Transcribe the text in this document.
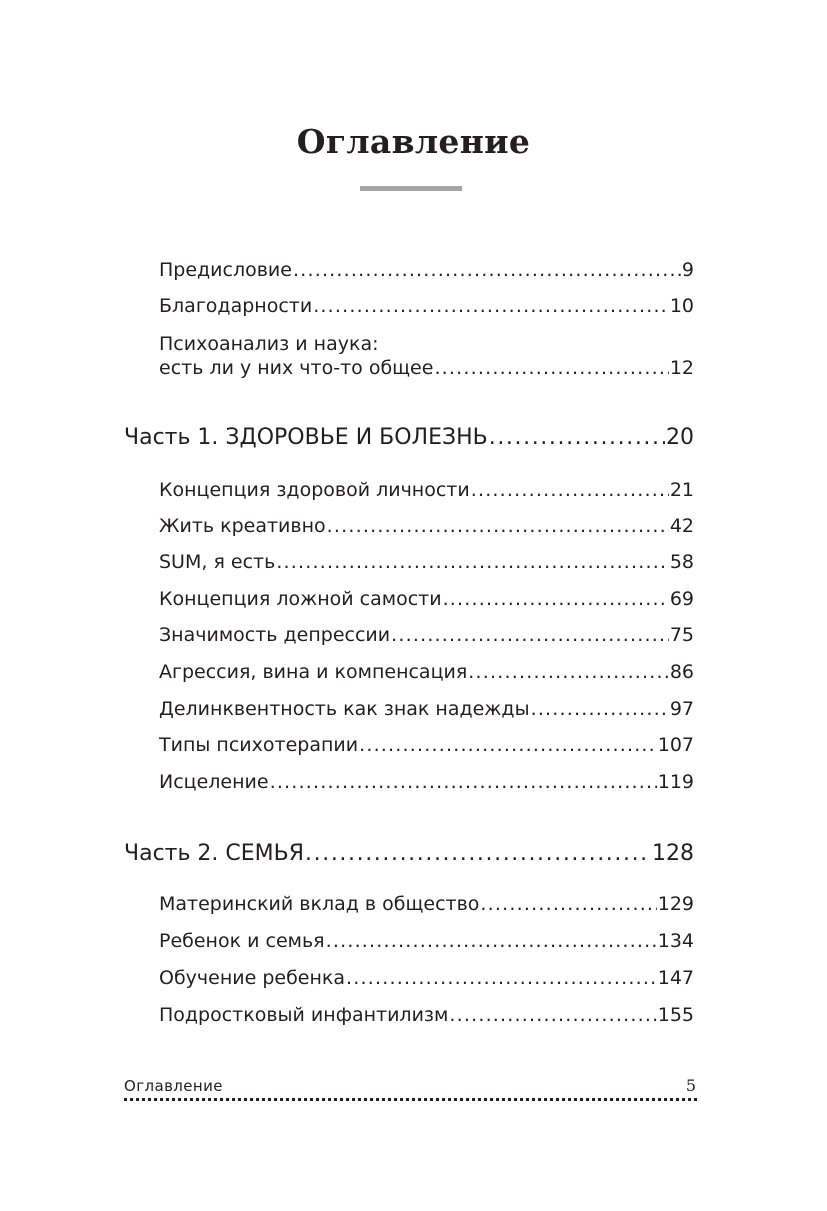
Оглавление
Предисловие .....	9
Благодарности .....	10
Психоанализ и наука:
есть ли у них что-то общее .....	12
Часть 1. ЗДОРОВЬЕ И БОЛЕЗНЬ .....	20
Концепция здоровой личности .....	21
Жить креативно .....	42
SUM, я есть .....	58
Концепция ложной самости .....	69
Значимость депрессии .....	75
Агрессия, вина и компенсация .....	86
Делинквентность как знак надежды .....	97
Типы психотерапии .....	107
Исцеление .....	119
Часть 2. СЕМЬЯ .....	128
Материнский вклад в общество .....	129
Ребенок и семья .....	134
Обучение ребенка .....	147
Подростковый инфантилизм .....	155
Оглавление	5
